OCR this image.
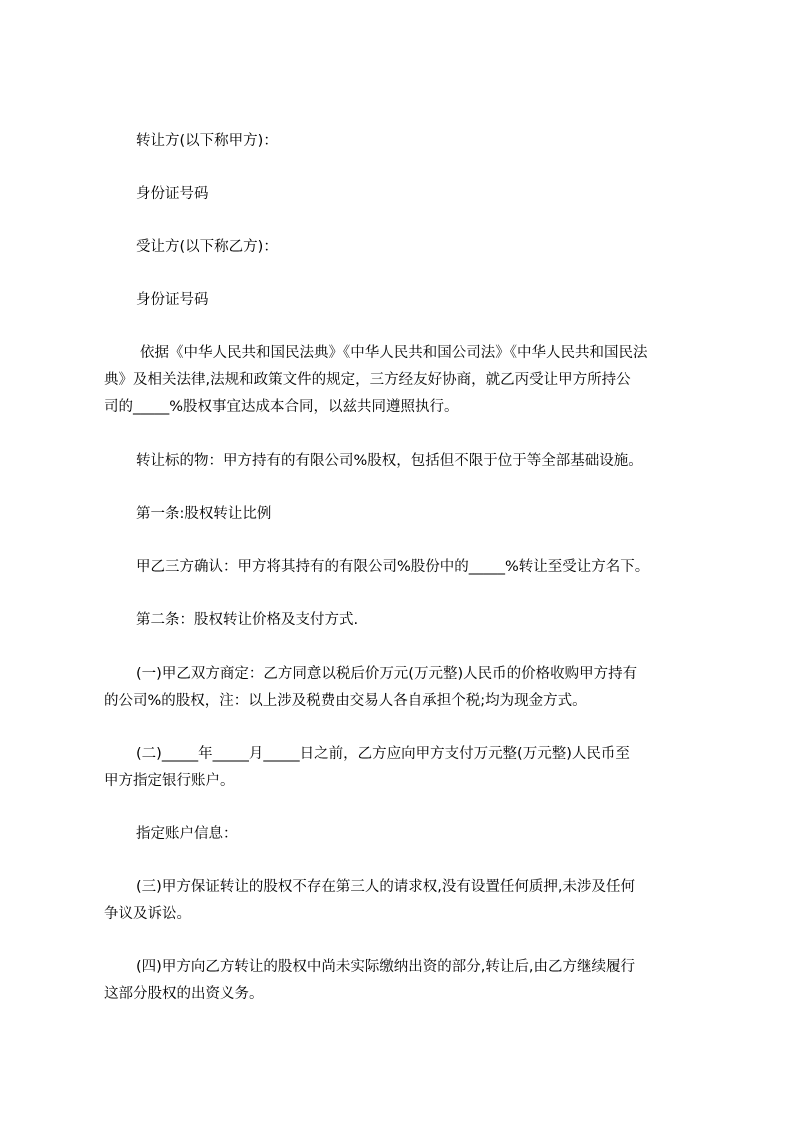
转让方(以下称甲方)：

身份证号码

受让方(以下称乙方)：

身份证号码

依据《中华人民共和国民法典》《中华人民共和国公司法》《中华人民共和国民法
典》及相关法律,法规和政策文件的规定，三方经友好协商，就乙丙受让甲方所持公
司的_____%股权事宜达成本合同，以兹共同遵照执行。

转让标的物：甲方持有的有限公司%股权，包括但不限于位于等全部基础设施。

第一条:股权转让比例

甲乙三方确认：甲方将其持有的有限公司%股份中的_____%转让至受让方名下。

第二条：股权转让价格及支付方式.

(一)甲乙双方商定：乙方同意以税后价万元(万元整)人民币的价格收购甲方持有
的公司%的股权，注：以上涉及税费由交易人各自承担个税;均为现金方式。

(二)_____年_____月_____日之前，乙方应向甲方支付万元整(万元整)人民币至
甲方指定银行账户。

指定账户信息：

(三)甲方保证转让的股权不存在第三人的请求权,没有设置任何质押,未涉及任何
争议及诉讼。

(四)甲方向乙方转让的股权中尚未实际缴纳出资的部分,转让后,由乙方继续履行
这部分股权的出资义务。
